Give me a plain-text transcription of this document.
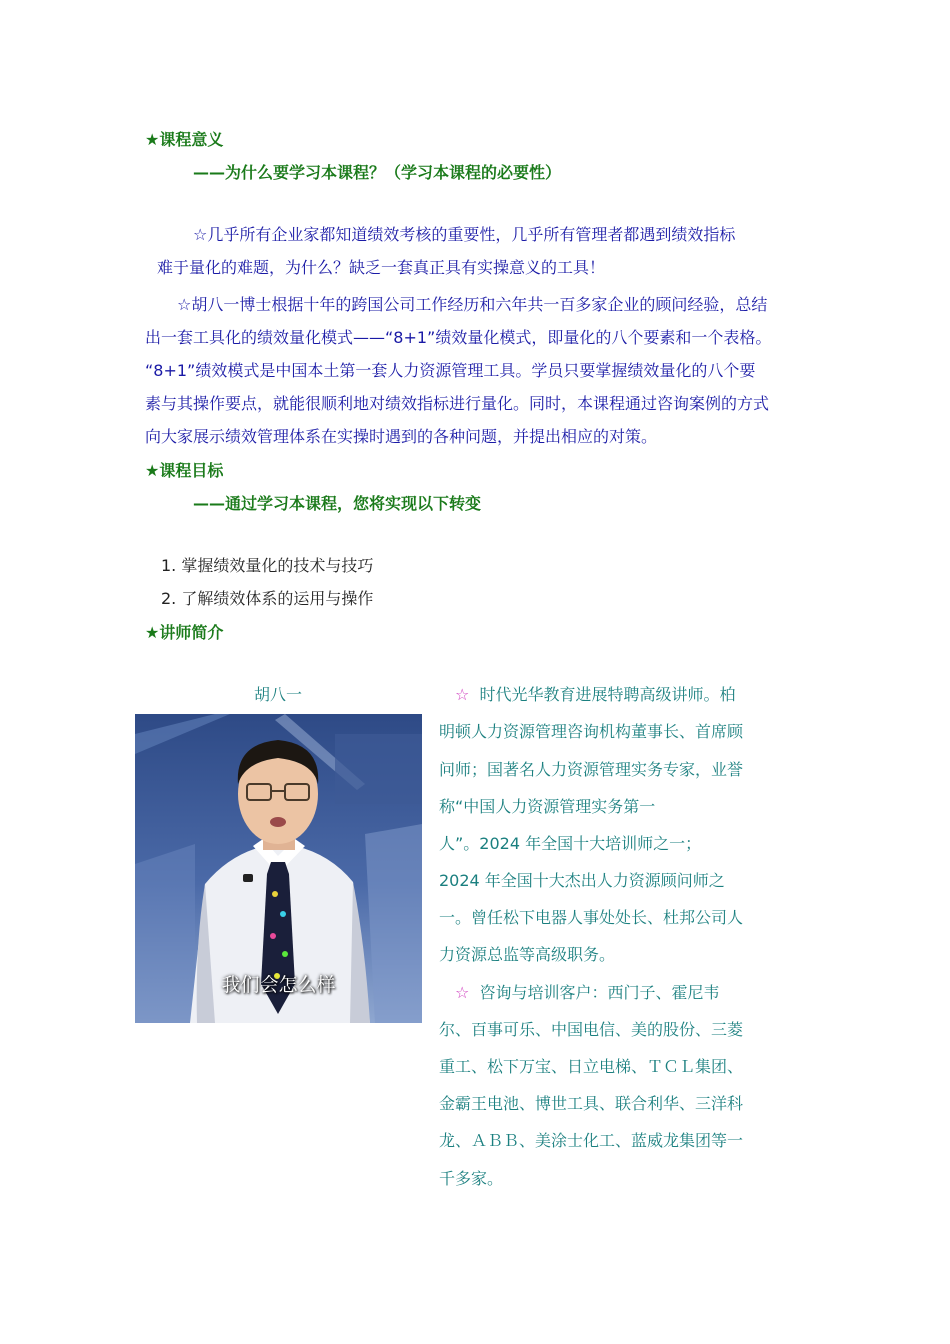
★课程意义
——为什么要学习本课程？（学习本课程的必要性）
☆几乎所有企业家都知道绩效考核的重要性，几乎所有管理者都遇到绩效指标
难于量化的难题，为什么？缺乏一套真正具有实操意义的工具！
☆胡八一博士根据十年的跨国公司工作经历和六年共一百多家企业的顾问经验，总结
出一套工具化的绩效量化模式——“8+1”绩效量化模式，即量化的八个要素和一个表格。
“8+1”绩效模式是中国本土第一套人力资源管理工具。学员只要掌握绩效量化的八个要
素与其操作要点，就能很顺利地对绩效指标进行量化。同时，本课程通过咨询案例的方式
向大家展示绩效管理体系在实操时遇到的各种问题，并提出相应的对策。
★课程目标
——通过学习本课程，您将实现以下转变
1. 掌握绩效量化的技术与技巧
2. 了解绩效体系的运用与操作
★讲师简介
胡八一
我们会怎么样
☆ 时代光华教育进展特聘高级讲师。柏
明顿人力资源管理咨询机构董事长、首席顾
问师；国著名人力资源管理实务专家，业誉
称“中国人力资源管理实务第一
人”。2024 年全国十大培训师之一；
2024 年全国十大杰出人力资源顾问师之
一。曾任松下电器人事处处长、杜邦公司人
力资源总监等高级职务。
☆ 咨询与培训客户：西门子、霍尼韦
尔、百事可乐、中国电信、美的股份、三菱
重工、松下万宝、日立电梯、ＴＣＬ集团、
金霸王电池、博世工具、联合利华、三洋科
龙、ＡＢＢ、美涂士化工、蓝威龙集团等一
千多家。
